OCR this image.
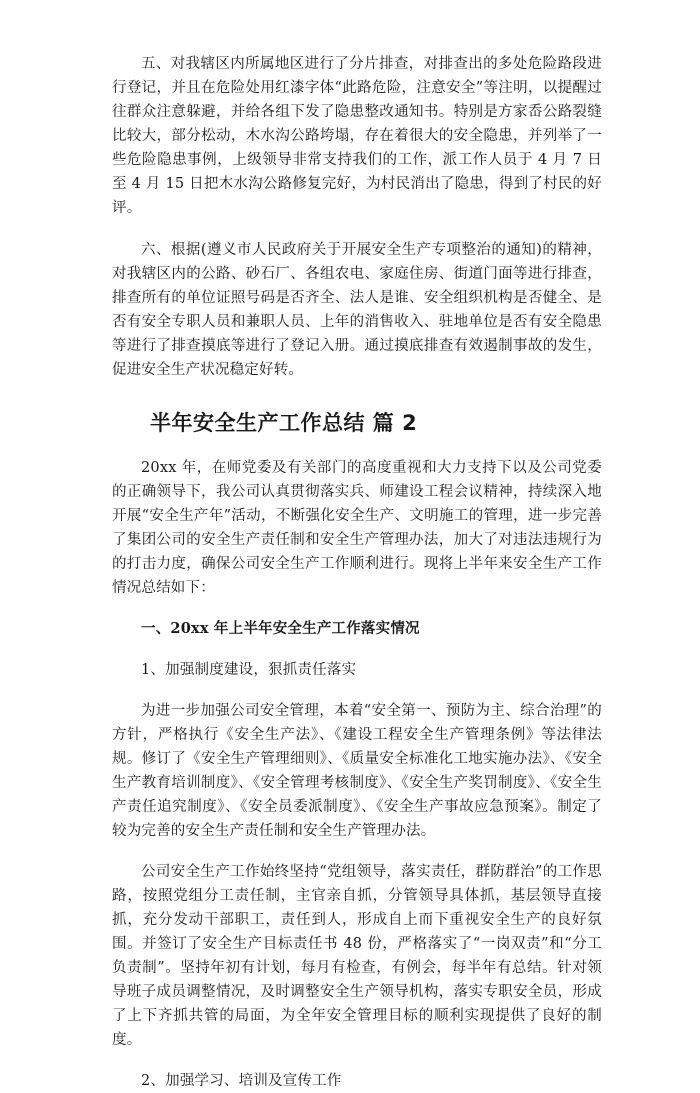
五、对我辖区内所属地区进行了分片排查，对排查出的多处危险路段进行登记，并且在危险处用红漆字体“此路危险，注意安全”等注明，以提醒过往群众注意躲避，并给各组下发了隐患整改通知书。特别是方家岙公路裂缝比较大，部分松动，木水沟公路垮塌，存在着很大的安全隐患，并列举了一些危险隐患事例，上级领导非常支持我们的工作，派工作人员于 4 月 7 日至 4 月 15 日把木水沟公路修复完好，为村民消出了隐患，得到了村民的好评。

六、根据(遵义市人民政府关于开展安全生产专项整治的通知)的精神，对我辖区内的公路、砂石厂、各组农电、家庭住房、街道门面等进行排查，排查所有的单位证照号码是否齐全、法人是谁、安全组织机构是否健全、是否有安全专职人员和兼职人员、上年的消售收入、驻地单位是否有安全隐患等进行了排查摸底等进行了登记入册。通过摸底排查有效遏制事故的发生，促进安全生产状况稳定好转。

半年安全生产工作总结 篇 2

20xx 年，在师党委及有关部门的高度重视和大力支持下以及公司党委的正确领导下，我公司认真贯彻落实兵、师建设工程会议精神，持续深入地开展“安全生产年”活动，不断强化安全生产、文明施工的管理，进一步完善了集团公司的安全生产责任制和安全生产管理办法，加大了对违法违规行为的打击力度，确保公司安全生产工作顺利进行。现将上半年来安全生产工作情况总结如下：

一、20xx 年上半年安全生产工作落实情况

1、加强制度建设，狠抓责任落实

为进一步加强公司安全管理，本着“安全第一、预防为主、综合治理”的方针，严格执行《安全生产法》、《建设工程安全生产管理条例》等法律法规。修订了《安全生产管理细则》、《质量安全标准化工地实施办法》、《安全生产教育培训制度》、《安全管理考核制度》、《安全生产奖罚制度》、《安全生产责任追究制度》、《安全员委派制度》、《安全生产事故应急预案》。制定了较为完善的安全生产责任制和安全生产管理办法。

公司安全生产工作始终坚持“党组领导，落实责任，群防群治”的工作思路，按照党组分工责任制，主官亲自抓，分管领导具体抓，基层领导直接抓，充分发动干部职工，责任到人，形成自上而下重视安全生产的良好氛围。并签订了安全生产目标责任书 48 份，严格落实了“一岗双责”和“分工负责制”。坚持年初有计划，每月有检查，有例会，每半年有总结。针对领导班子成员调整情况，及时调整安全生产领导机构，落实专职安全员，形成了上下齐抓共管的局面，为全年安全管理目标的顺利实现提供了良好的制度。

2、加强学习、培训及宣传工作
